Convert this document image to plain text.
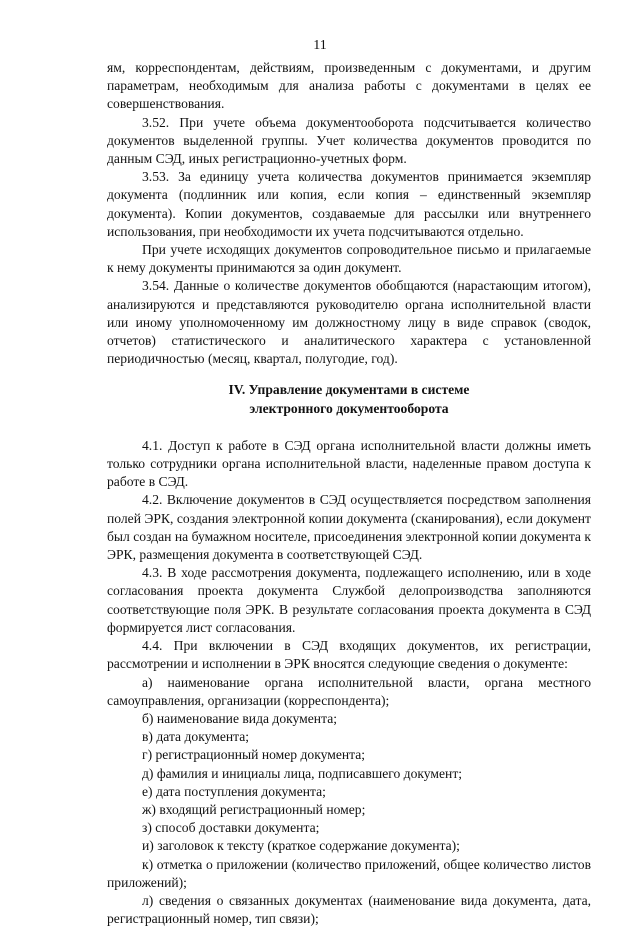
11

ям, корреспондентам, действиям, произведенным с документами, и другим параметрам, необходимым для анализа работы с документами в целях ее совершенствования.

3.52. При учете объема документооборота подсчитывается количество документов выделенной группы. Учет количества документов проводится по данным СЭД, иных регистрационно-учетных форм.

3.53. За единицу учета количества документов принимается экземпляр документа (подлинник или копия, если копия – единственный экземпляр документа). Копии документов, создаваемые для рассылки или внутреннего использования, при необходимости их учета подсчитываются отдельно.

При учете исходящих документов сопроводительное письмо и прилагаемые к нему документы принимаются за один документ.

3.54. Данные о количестве документов обобщаются (нарастающим итогом), анализируются и представляются руководителю органа исполнительной власти или иному уполномоченному им должностному лицу в виде справок (сводок, отчетов) статистического и аналитического характера с установленной периодичностью (месяц, квартал, полугодие, год).

IV. Управление документами в системе
электронного документооборота

4.1. Доступ к работе в СЭД органа исполнительной власти должны иметь только сотрудники органа исполнительной власти, наделенные правом доступа к работе в СЭД.

4.2. Включение документов в СЭД осуществляется посредством заполнения полей ЭРК, создания электронной копии документа (сканирования), если документ был создан на бумажном носителе, присоединения электронной копии документа к ЭРК, размещения документа в соответствующей СЭД.

4.3. В ходе рассмотрения документа, подлежащего исполнению, или в ходе согласования проекта документа Службой делопроизводства заполняются соответствующие поля ЭРК. В результате согласования проекта документа в СЭД формируется лист согласования.

4.4. При включении в СЭД входящих документов, их регистрации, рассмотрении и исполнении в ЭРК вносятся следующие сведения о документе:

а) наименование органа исполнительной власти, органа местного самоуправления, организации (корреспондента);

б) наименование вида документа;

в) дата документа;

г) регистрационный номер документа;

д) фамилия и инициалы лица, подписавшего документ;

е) дата поступления документа;

ж) входящий регистрационный номер;

з) способ доставки документа;

и) заголовок к тексту (краткое содержание документа);

к) отметка о приложении (количество приложений, общее количество листов приложений);

л) сведения о связанных документах (наименование вида документа, дата, регистрационный номер, тип связи);
